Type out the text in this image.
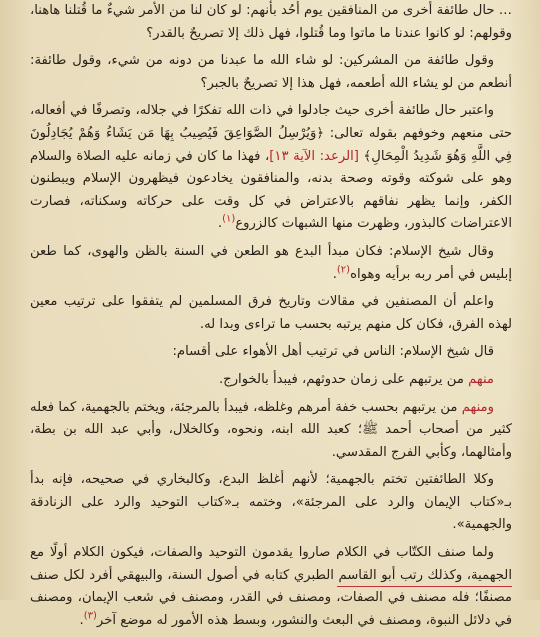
… حال طائفة أخرى من المنافقين يوم أُحُد بأنهم: لو كان لنا من الأمر شيءٌ ما قُتلنا هاهنا، وقولهم: لو كانوا عندنا ما ماتوا وما قُتلوا، فهل ذلك إلا تصريحٌ بالقدر؟

وقول طائفة من المشركين: لو شاء الله ما عبدنا من دونه من شيء، وقول طائفة: أنطعم من لو يشاء الله أطعمه، فهل هذا إلا تصريحٌ بالجبر؟

واعتبر حال طائفة أخرى حيث جادلوا في ذات الله تفكرًا في جلاله، وتصرفًا في أفعاله، حتى منعهم وخوفهم بقوله تعالى: ﴿وَيُرْسِلُ الصَّوَاعِقَ فَيُصِيبُ بِهَا مَن يَشَاءُ وَهُمْ يُجَادِلُونَ فِي اللَّهِ وَهُوَ شَدِيدُ الْمِحَالِ﴾ [الرعد: الآية ١٣]، فهذا ما كان في زمانه عليه الصلاة والسلام وهو على شوكته وقوته وصحة بدنه، والمنافقون يخادعون فيظهرون الإسلام ويبطنون الكفر، وإنما يظهر نفاقهم بالاعتراض في كل وقت على حركاته وسكناته، فصارت الاعتراضات كالبذور، وظهرت منها الشبهات كالزروع$^{(١)}$.

وقال شيخ الإسلام: فكان مبدأ البدع هو الطعن في السنة بالظن والهوى، كما طعن إبليس في أمر ربه برأيه وهواه$^{(٢)}$.

واعلم أن المصنفين في مقالات وتاريخ فرق المسلمين لم يتفقوا على ترتيب معين لهذه الفرق، فكان كل منهم يرتبه بحسب ما تراءى وبدا له.

قال شيخ الإسلام: الناس في ترتيب أهل الأهواء على أقسام:

منهم من يرتبهم على زمان حدوثهم، فيبدأ بالخوارج.

ومنهم من يرتبهم بحسب خفة أمرهم وغلظه، فيبدأ بالمرجئة، ويختم بالجهمية، كما فعله كثير من أصحاب أحمد ﷺ؛ كعبد الله ابنه، ونحوه، وكالخلال، وأبي عبد الله بن بطة، وأمثالهما، وكأبي الفرج المقدسي.

وكلا الطائفتين تختم بالجهمية؛ لأنهم أغلظ البدع، وكالبخاري في صحيحه، فإنه بدأ بـ«كتاب الإيمان والرد على المرجئة»، وختمه بـ«كتاب التوحيد والرد على الزنادقة والجهمية».

ولما صنف الكتّاب في الكلام صاروا يقدمون التوحيد والصفات، فيكون الكلام أولًا مع الجهمية، وكذلك رتب أبو القاسم الطبري كتابه في أصول السنة، والبيهقي أفرد لكل صنف مصنفًا؛ فله مصنف في الصفات، ومصنف في القدر، ومصنف في شعب الإيمان، ومصنف في دلائل النبوة، ومصنف في البعث والنشور، وبسط هذه الأمور له موضع آخر$^{(٣)}$.
